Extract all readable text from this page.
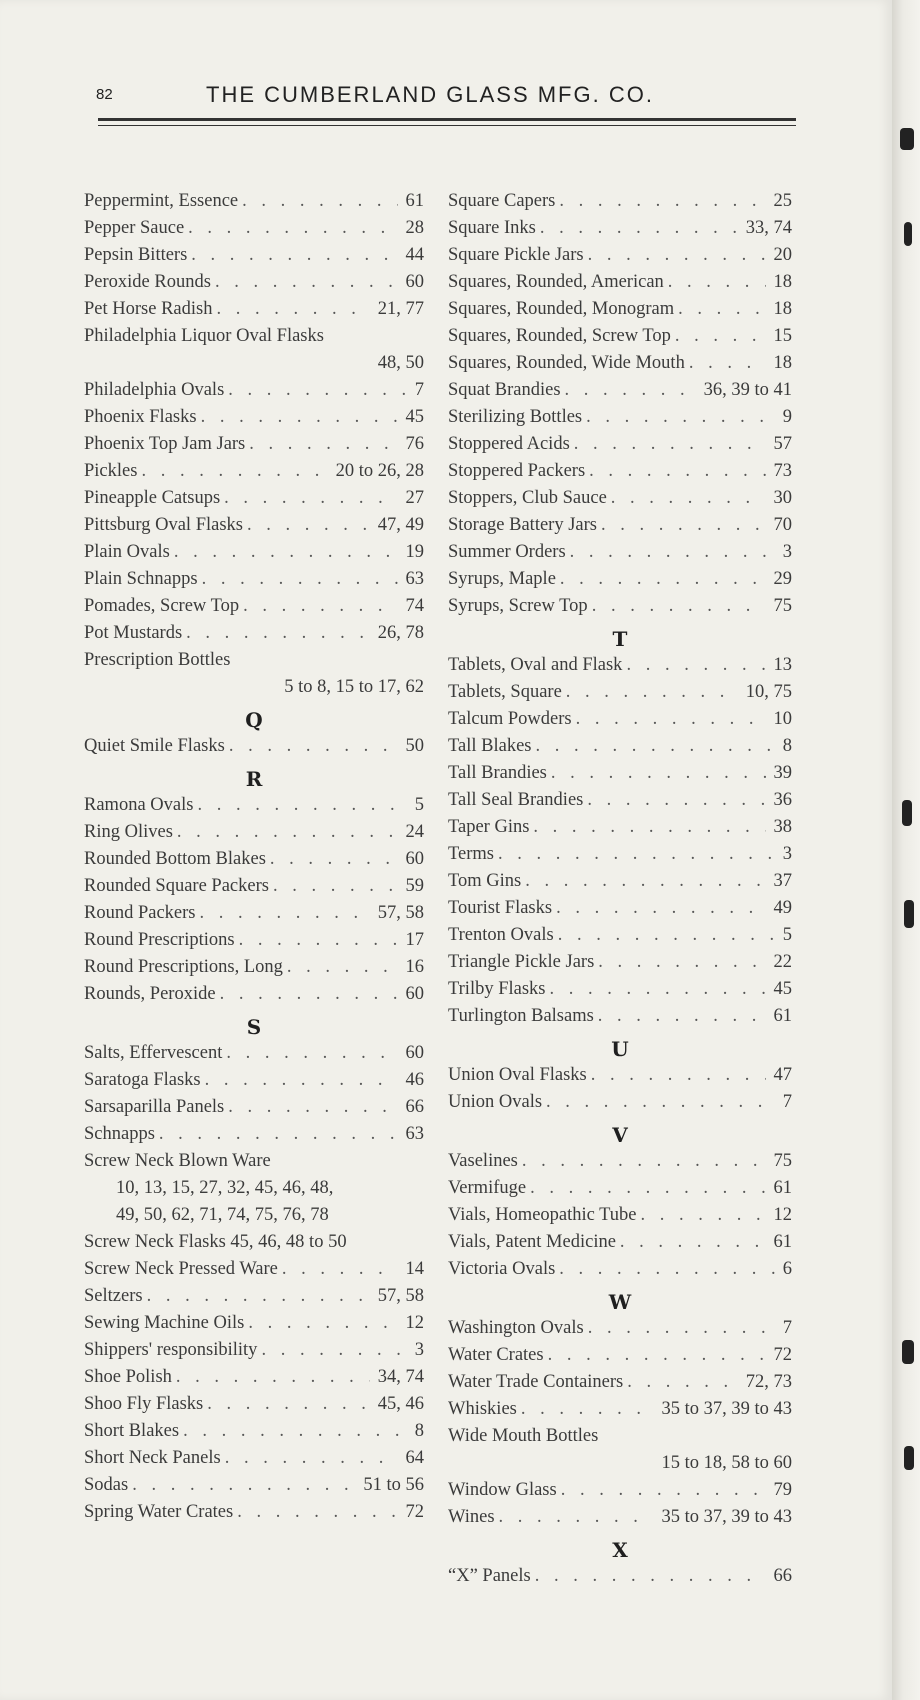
82	THE CUMBERLAND GLASS MFG. CO.
Peppermint, Essence . . .	61
Pepper Sauce . . .	28
Pepsin Bitters . . .	44
Peroxide Rounds . . .	60
Pet Horse Radish . . .	21, 77
Philadelphia Liquor Oval Flasks
48, 50
Philadelphia Ovals . . .	7
Phoenix Flasks . . .	45
Phoenix Top Jam Jars . . .	76
Pickles . . .	20 to 26, 28
Pineapple Catsups . . .	27
Pittsburg Oval Flasks . . .	47, 49
Plain Ovals . . .	19
Plain Schnapps . . .	63
Pomades, Screw Top . . .	74
Pot Mustards . . .	26, 78
Prescription Bottles
5 to 8, 15 to 17, 62
Q
Quiet Smile Flasks . . .	50
R
Ramona Ovals . . .	5
Ring Olives . . .	24
Rounded Bottom Blakes . . .	60
Rounded Square Packers . . .	59
Round Packers . . .	57, 58
Round Prescriptions . . .	17
Round Prescriptions, Long . . .	16
Rounds, Peroxide . . .	60
S
Salts, Effervescent . . .	60
Saratoga Flasks . . .	46
Sarsaparilla Panels . . .	66
Schnapps . . .	63
Screw Neck Blown Ware
10, 13, 15, 27, 32, 45, 46, 48,
49, 50, 62, 71, 74, 75, 76, 78
Screw Neck Flasks 45, 46, 48 to 50
Screw Neck Pressed Ware . . .	14
Seltzers . . .	57, 58
Sewing Machine Oils . . .	12
Shippers' responsibility . . .	3
Shoe Polish . . .	34, 74
Shoo Fly Flasks . . .	45, 46
Short Blakes . . .	8
Short Neck Panels . . .	64
Sodas . . .	51 to 56
Spring Water Crates . . .	72
Square Capers . . .	25
Square Inks . . .	33, 74
Square Pickle Jars . . .	20
Squares, Rounded, American . . .	18
Squares, Rounded, Monogram . . .	18
Squares, Rounded, Screw Top . . .	15
Squares, Rounded, Wide Mouth . . .	18
Squat Brandies . . .	36, 39 to 41
Sterilizing Bottles . . .	9
Stoppered Acids . . .	57
Stoppered Packers . . .	73
Stoppers, Club Sauce . . .	30
Storage Battery Jars . . .	70
Summer Orders . . .	3
Syrups, Maple . . .	29
Syrups, Screw Top . . .	75
T
Tablets, Oval and Flask . . .	13
Tablets, Square . . .	10, 75
Talcum Powders . . .	10
Tall Blakes . . .	8
Tall Brandies . . .	39
Tall Seal Brandies . . .	36
Taper Gins . . .	38
Terms . . .	3
Tom Gins . . .	37
Tourist Flasks . . .	49
Trenton Ovals . . .	5
Triangle Pickle Jars . . .	22
Trilby Flasks . . .	45
Turlington Balsams . . .	61
U
Union Oval Flasks . . .	47
Union Ovals . . .	7
V
Vaselines . . .	75
Vermifuge . . .	61
Vials, Homeopathic Tube . . .	12
Vials, Patent Medicine . . .	61
Victoria Ovals . . .	6
W
Washington Ovals . . .	7
Water Crates . . .	72
Water Trade Containers . . .	72, 73
Whiskies . . .	35 to 37, 39 to 43
Wide Mouth Bottles
15 to 18, 58 to 60
Window Glass . . .	79
Wines . . .	35 to 37, 39 to 43
X
“X” Panels . . .	66
